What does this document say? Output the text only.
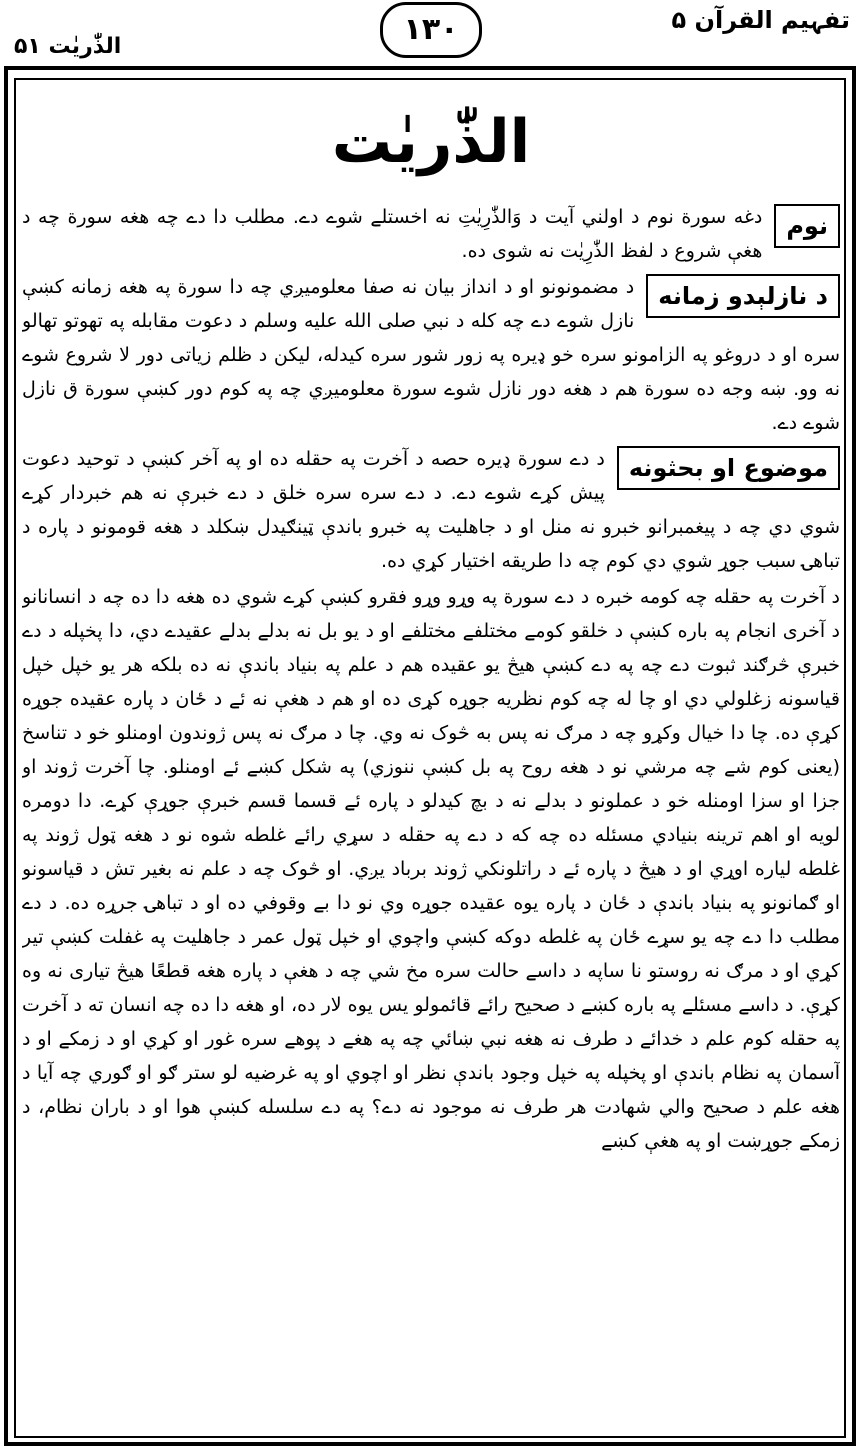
تفہیم القرآن ۵
۱۳۰
الذّٰریٰت ۵۱
الذّٰریٰت

نوم
دغه سورة نوم د اولني آيت د وَالذّٰرِيٰتِ نه اخستلے شوے دے. مطلب دا دے چه هغه سورة چه د هغې شروع د لفظ الذّٰرِيٰت نه شوی ده.

د نازلېدو زمانه
د مضمونونو او د انداز بیان نه صفا معلومیږي چه دا سورة په هغه زمانه کښې نازل شوے دے چه کله د نبي صلی الله علیه وسلم د دعوت مقابله په تهوتو تهالو سره او د دروغو په الزامونو سره خو ډیره په زور شور سره کیدله، لیکن د ظلم زياتی دور لا شروع شوے نه وو. ښه وجه ده سورة هم د هغه دور نازل شوے سورة معلومیږي چه په کوم دور کښې سورة ق نازل شوے دے.

موضوع او بحثونه
د دے سورة ډیره حصه د آخرت په حقله ده او په آخر کښې د توحید دعوت پیش کړے شوے دے. د دے سره سره خلق د دے خبرې نه هم خبردار کړے شوي دي چه د پیغمبرانو خبرو نه منل او د جاهلیت په خبرو باندې ټینګیدل ښکلد د هغه قومونو د پاره د تباهۍ سبب جوړ شوي دي کوم چه دا طریقه اختیار کړي ده.

د آخرت په حقله چه کومه خبره د دے سورة په وړو وړو فقرو کښې کړے شوي ده هغه دا ده چه د انسانانو د آخری انجام په باره کښې د خلقو کومے مختلفے مختلفے او د یو بل نه بدلے بدلے عقیدے دي، دا پخپله د دے خبرې څرګند ثبوت دے چه په دے کښې هیڅ یو عقیده هم د علم په بنیاد باندې نه ده بلکه هر یو خپل خپل قیاسونه زغلولي دي او چا له چه کوم نظریه جوړه کړی ده او هم د هغې نه ئے د ځان د پاره عقیده جوړه کړې ده. چا دا خیال وکړو چه د مرګ نه پس به څوک نه وي. چا د مرګ نه پس ژوندون اومنلو خو د تناسخ (یعنی کوم شے چه مرشي نو د هغه روح په بل کښې ننوزي) په شکل کښے ئے اومنلو. چا آخرت ژوند او جزا او سزا اومنله خو د عملونو د بدلے نه د بچ کیدلو د پاره ئے قسما قسم خبرې جوړې کړے. دا دومره لویه او اهم ترینه بنیادي مسئله ده چه که د دے په حقله د سړي رائے غلطه شوه نو د هغه ټول ژوند په غلطه لیاره اوړي او د هیڅ د پاره ئے د راتلونکي ژوند برباد یږي. او څوک چه د علم نه بغیر تش د قیاسونو او ګمانونو په بنیاد باندې د ځان د پاره یوه عقیده جوړه وي نو دا بے وقوفي ده او د تباهۍ جرړه ده. د دے مطلب دا دے چه یو سړے ځان په غلطه دوکه کښې واچوي او خپل ټول عمر د جاهلیت په غفلت کښې تیر کړي او د مرګ نه روستو نا ساپه د داسے حالت سره مخ شي چه د هغې د پاره هغه قطعًا هیڅ تیاری نه وه کړې. د داسے مسئلے په باره کښے د صحیح رائے قائمولو یس یوه لار ده، او هغه دا ده چه انسان ته د آخرت په حقله کوم علم د خدائے د طرف نه هغه نبي ښائي چه په هغے د پوهے سره غور او کړي او د زمکے او د آسمان په نظام باندې او پخپله په خپل وجود باندې نظر او اچوي او په غرضیه لو ستر ګو او ګوري چه آیا د هغه علم د صحیح والي شهادت هر طرف نه موجود نه دے؟ په دے سلسله کښې هوا او د باران نظام، د زمکے جوړښت او په هغې کښے
